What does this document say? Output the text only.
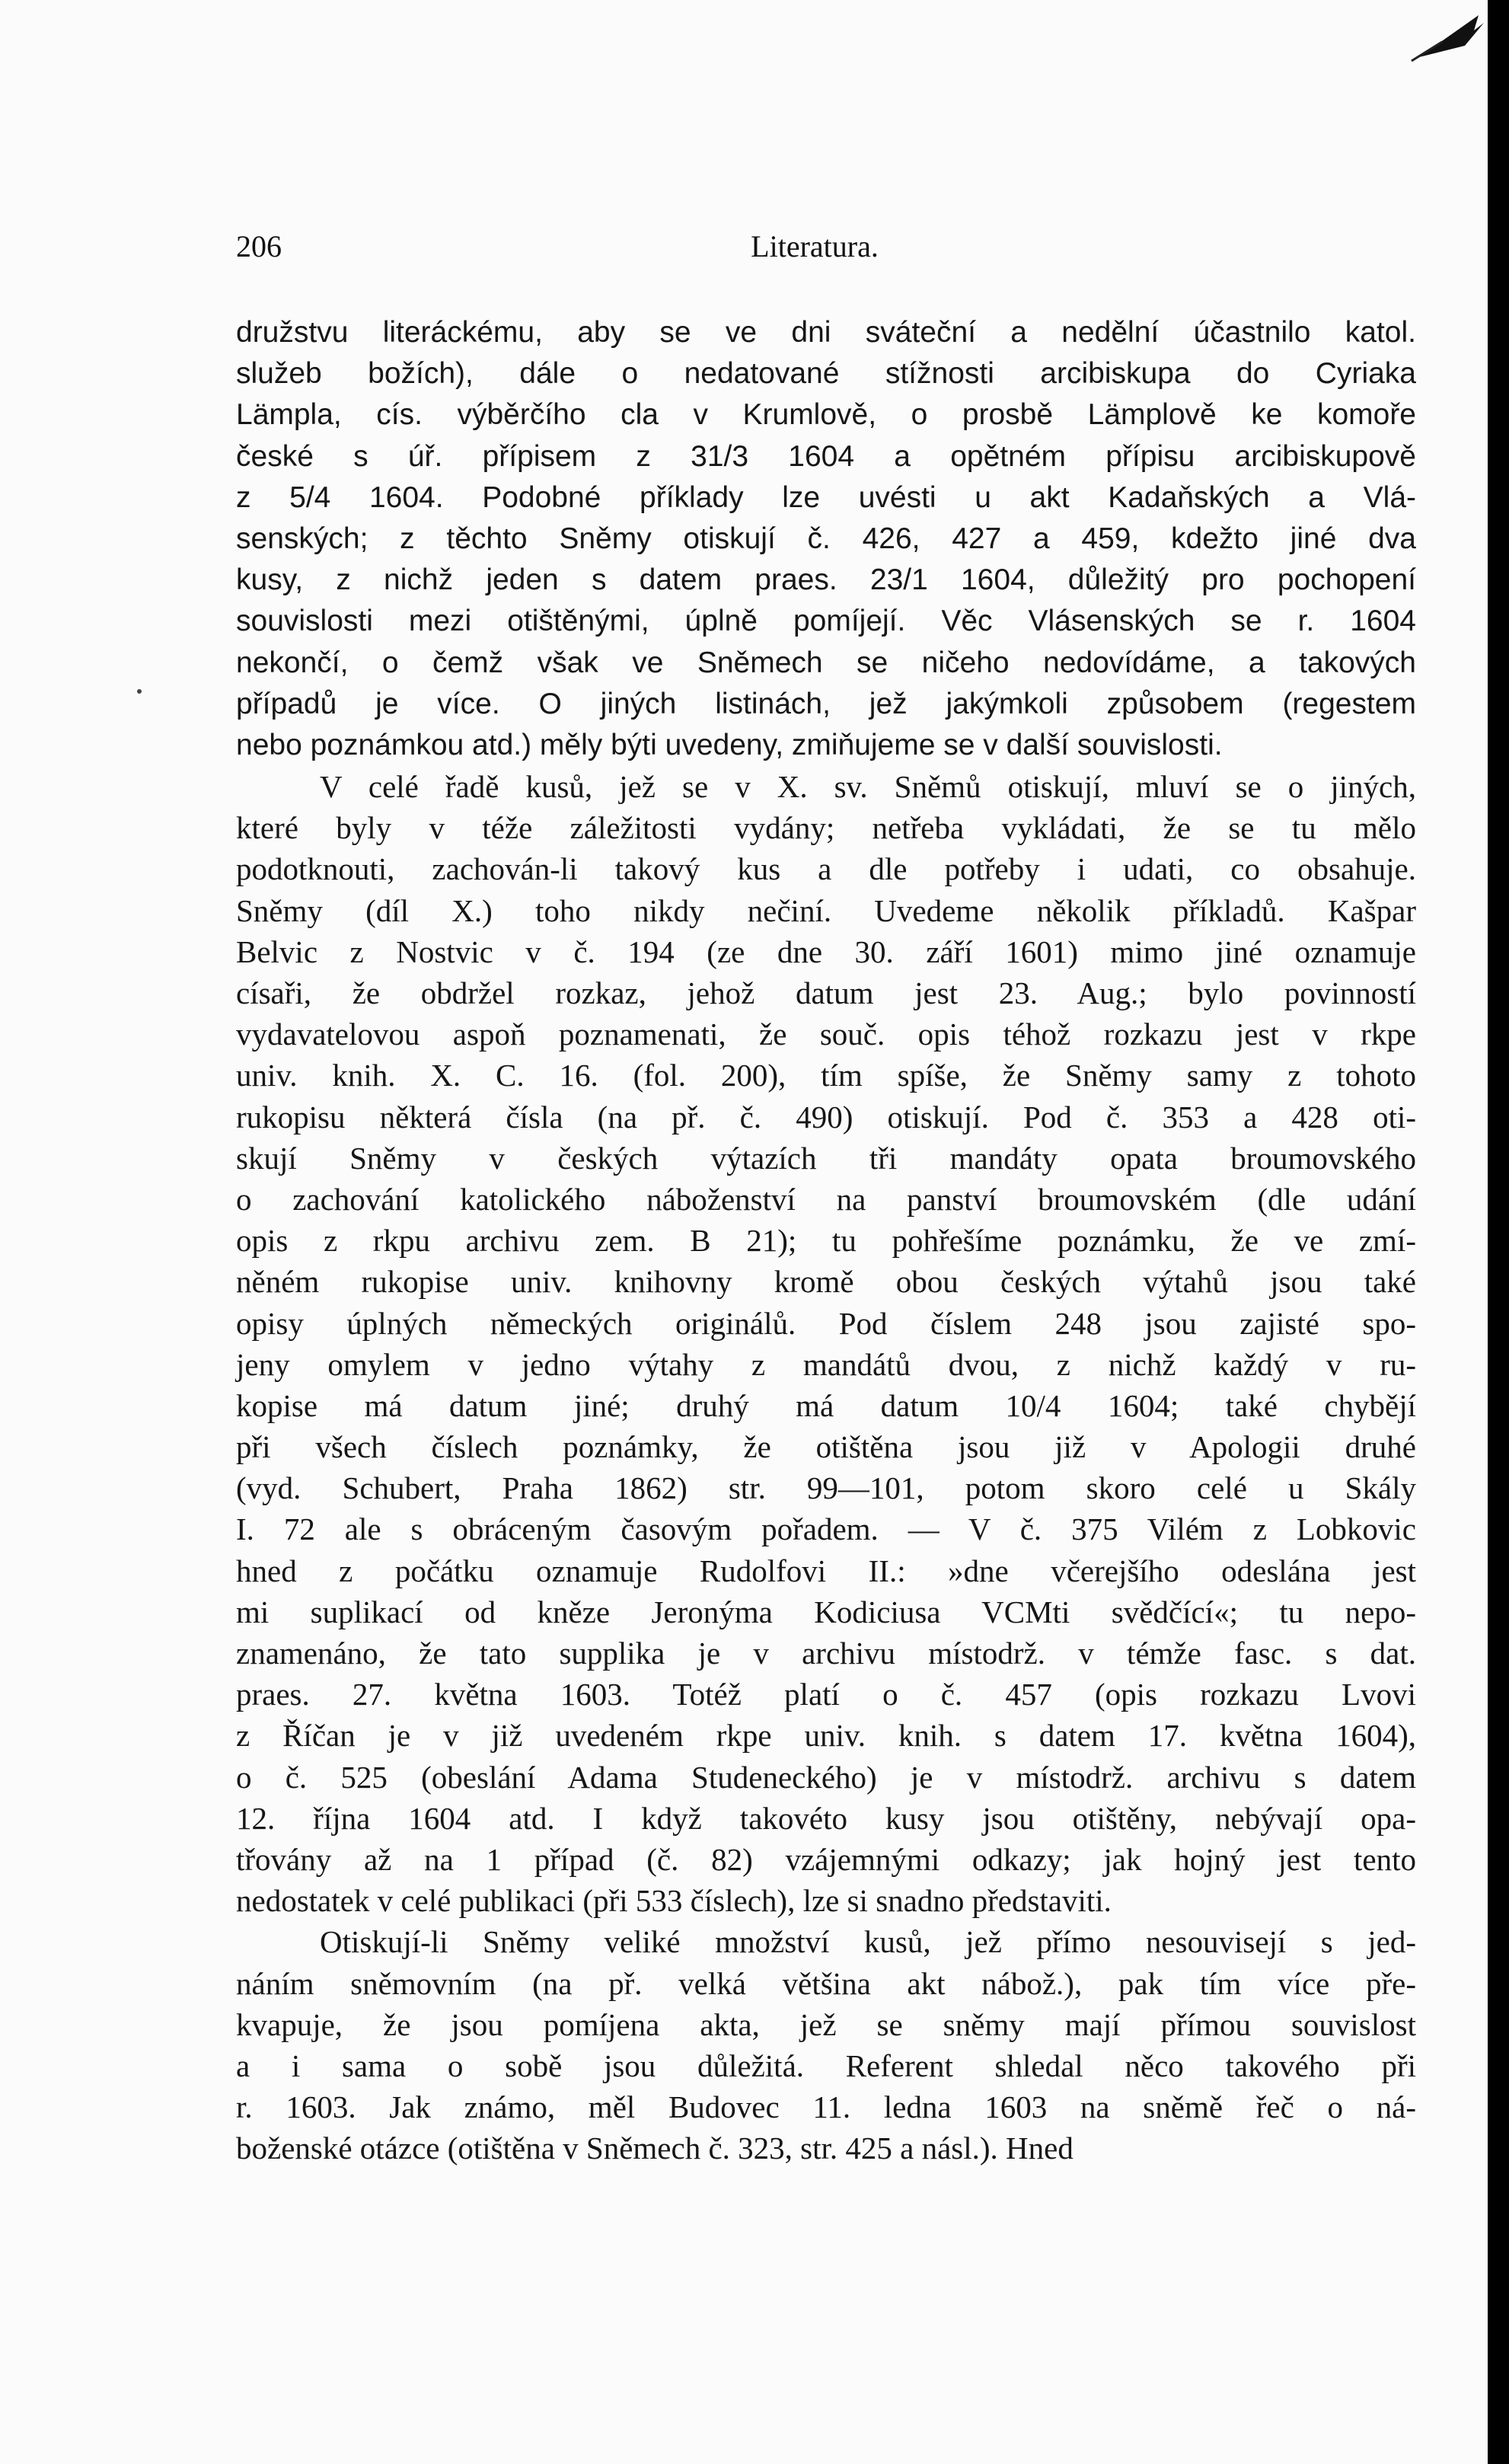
206	Literatura.
družstvu literáckému, aby se ve dni sváteční a nedělní účastnilo katol.
služeb božích), dále o nedatované stížnosti arcibiskupa do Cyriaka
Lämpla, cís. výběrčího cla v Krumlově, o prosbě Lämplově ke komoře
české s úř. přípisem z 31/3 1604 a opětném přípisu arcibiskupově
z 5/4 1604. Podobné příklady lze uvésti u akt Kadaňských a Vlá-
senských; z těchto Sněmy otiskují č. 426, 427 a 459, kdežto jiné dva
kusy, z nichž jeden s datem praes. 23/1 1604, důležitý pro pochopení
souvislosti mezi otištěnými, úplně pomíjejí. Věc Vlásenských se r. 1604
nekončí, o čemž však ve Sněmech se ničeho nedovídáme, a takových
případů je více. O jiných listinách, jež jakýmkoli způsobem (regestem
nebo poznámkou atd.) měly býti uvedeny, zmiňujeme se v další souvislosti.
V celé řadě kusů, jež se v X. sv. Sněmů otiskují, mluví se o jiných,
které byly v téže záležitosti vydány; netřeba vykládati, že se tu mělo
podotknouti, zachován-li takový kus a dle potřeby i udati, co obsahuje.
Sněmy (díl X.) toho nikdy nečiní. Uvedeme několik příkladů. Kašpar
Belvic z Nostvic v č. 194 (ze dne 30. září 1601) mimo jiné oznamuje
císaři, že obdržel rozkaz, jehož datum jest 23. Aug.; bylo povinností
vydavatelovou aspoň poznamenati, že souč. opis téhož rozkazu jest v rkpe
univ. knih. X. C. 16. (fol. 200), tím spíše, že Sněmy samy z tohoto
rukopisu některá čísla (na př. č. 490) otiskují. Pod č. 353 a 428 oti-
skují Sněmy v českých výtazích tři mandáty opata broumovského
o zachování katolického náboženství na panství broumovském (dle udání
opis z rkpu archivu zem. B 21); tu pohřešíme poznámku, že ve zmí-
něném rukopise univ. knihovny kromě obou českých výtahů jsou také
opisy úplných německých originálů. Pod číslem 248 jsou zajisté spo-
jeny omylem v jedno výtahy z mandátů dvou, z nichž každý v ru-
kopise má datum jiné; druhý má datum 10/4 1604; také chybějí
při všech číslech poznámky, že otištěna jsou již v Apologii druhé
(vyd. Schubert, Praha 1862) str. 99—101, potom skoro celé u Skály
I. 72 ale s obráceným časovým pořadem. — V č. 375 Vilém z Lobkovic
hned z počátku oznamuje Rudolfovi II.: »dne včerejšího odeslána jest
mi suplikací od kněze Jeronýma Kodiciusa VCMti svědčící«; tu nepo-
znamenáno, že tato supplika je v archivu místodrž. v témže fasc. s dat.
praes. 27. května 1603. Totéž platí o č. 457 (opis rozkazu Lvovi
z Říčan je v již uvedeném rkpe univ. knih. s datem 17. května 1604),
o č. 525 (obeslání Adama Studeneckého) je v místodrž. archivu s datem
12. října 1604 atd. I když takovéto kusy jsou otištěny, nebývají opa-
třovány až na 1 případ (č. 82) vzájemnými odkazy; jak hojný jest tento
nedostatek v celé publikaci (při 533 číslech), lze si snadno představiti.
Otiskují-li Sněmy veliké množství kusů, jež přímo nesouvisejí s jed-
náním sněmovním (na př. velká většina akt nábož.), pak tím více pře-
kvapuje, že jsou pomíjena akta, jež se sněmy mají přímou souvislost
a i sama o sobě jsou důležitá. Referent shledal něco takového při
r. 1603. Jak známo, měl Budovec 11. ledna 1603 na sněmě řeč o ná-
boženské otázce (otištěna v Sněmech č. 323, str. 425 a násl.). Hned
